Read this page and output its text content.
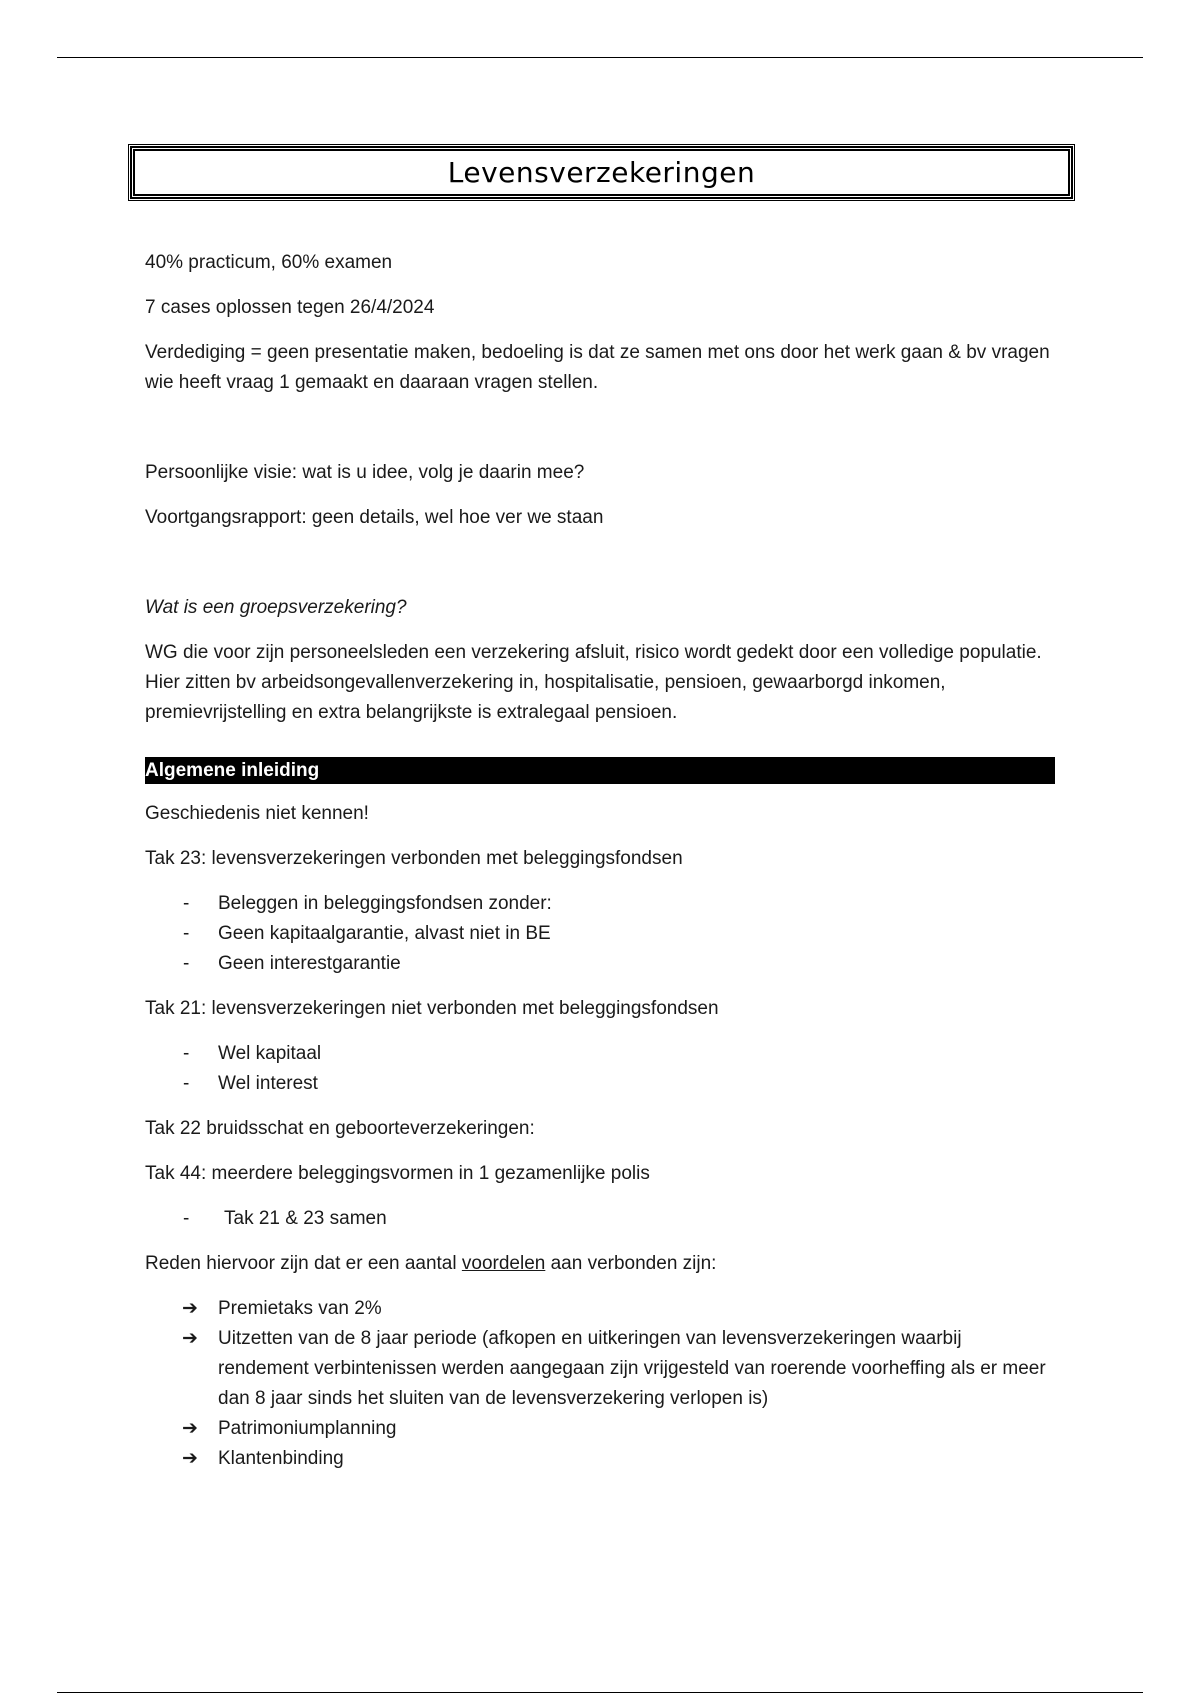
Levensverzekeringen

40% practicum, 60% examen

7 cases oplossen tegen 26/4/2024

Verdediging = geen presentatie maken, bedoeling is dat ze samen met ons door het werk gaan & bv vragen wie heeft vraag 1 gemaakt en daaraan vragen stellen.

Persoonlijke visie: wat is u idee, volg je daarin mee?

Voortgangsrapport: geen details, wel hoe ver we staan

Wat is een groepsverzekering?

WG die voor zijn personeelsleden een verzekering afsluit, risico wordt gedekt door een volledige populatie. Hier zitten bv arbeidsongevallenverzekering in, hospitalisatie, pensioen, gewaarborgd inkomen, premievrijstelling en extra belangrijkste is extralegaal pensioen.

Algemene inleiding

Geschiedenis niet kennen!

Tak 23: levensverzekeringen verbonden met beleggingsfondsen

- Beleggen in beleggingsfondsen zonder:
- Geen kapitaalgarantie, alvast niet in BE
- Geen interestgarantie

Tak 21: levensverzekeringen niet verbonden met beleggingsfondsen

- Wel kapitaal
- Wel interest

Tak 22 bruidsschat en geboorteverzekeringen:

Tak 44: meerdere beleggingsvormen in 1 gezamenlijke polis

- Tak 21 & 23 samen

Reden hiervoor zijn dat er een aantal voordelen aan verbonden zijn:

➔ Premietaks van 2%
➔ Uitzetten van de 8 jaar periode (afkopen en uitkeringen van levensverzekeringen waarbij rendement verbintenissen werden aangegaan zijn vrijgesteld van roerende voorheffing als er meer dan 8 jaar sinds het sluiten van de levensverzekering verlopen is)
➔ Patrimoniumplanning
➔ Klantenbinding
